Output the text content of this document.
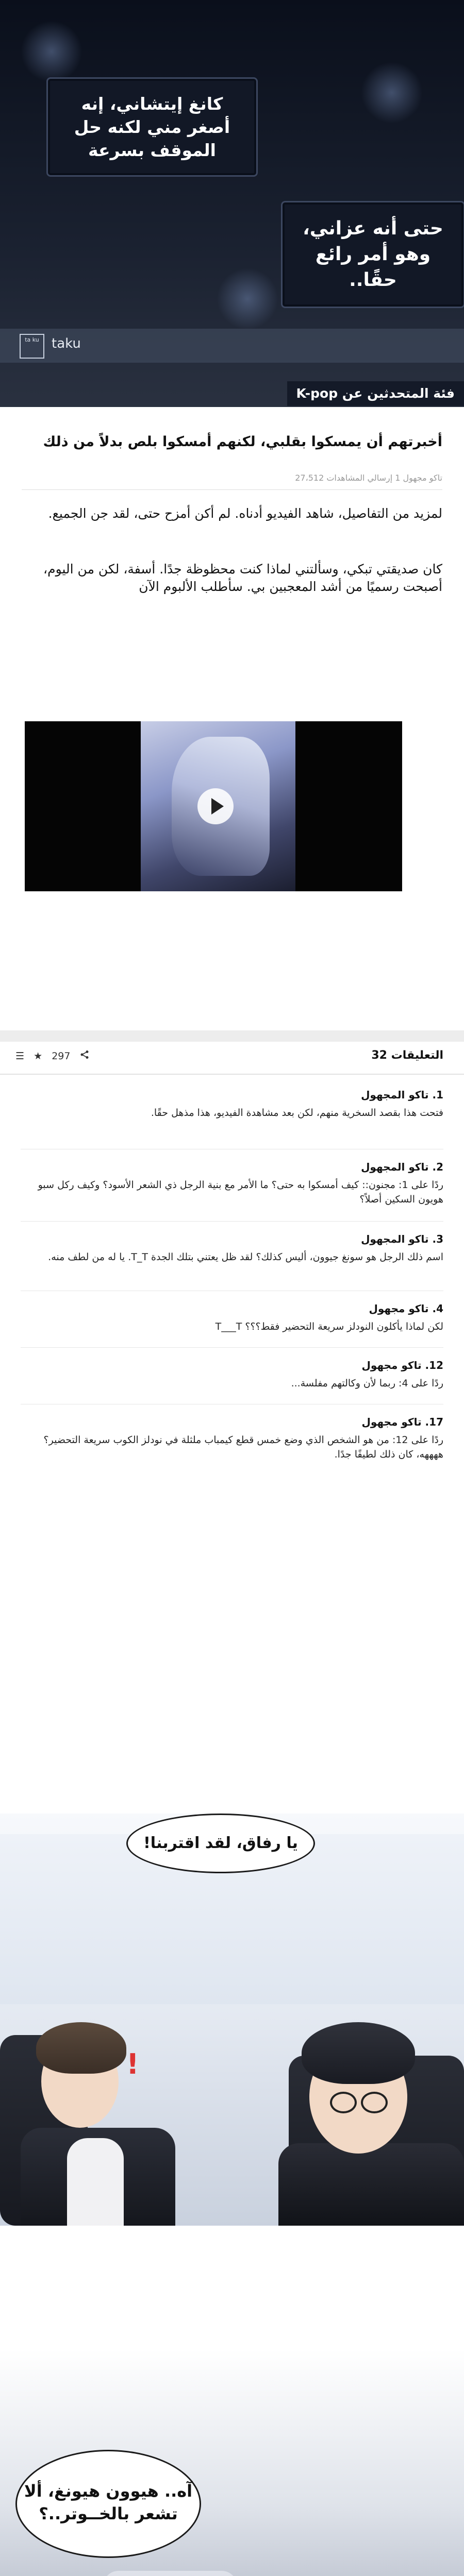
كانغ إيتشاني، إنه أصغر مني لكنه حل الموقف بسرعة
حتى أنه عزاني، وهو أمر رائع حقًا..
ta ku taku
فئة المتحدثين عن K-pop
أخبرتهم أن يمسكوا بقلبي، لكنهم أمسكوا بلص بدلاً من ذلك
تاكو مجهول 1 إرسالي المشاهدات 27،512
لمزيد من التفاصيل، شاهد الفيديو أدناه. لم أكن أمزح حتى، لقد جن الجميع.
كان صديقتي تبكي، وسألتني لماذا كنت محظوظة جدًا. أسفة، لكن من اليوم، أصبحت رسميًا من أشد المعجبين بي. سأطلب الألبوم الآن
التعليقات 32
☰ ★ 297
1. تاكو المجهول
فتحت هذا بقصد السخرية منهم، لكن بعد مشاهدة الفيديو، هذا مذهل حقًا.
2. تاكو المجهول
ردًا على 1: مجنون:: كيف أمسكوا به حتى؟ ما الأمر مع بنية الرجل ذي الشعر الأسود؟ وكيف ركل سبو هويون السكين أصلاً؟
3. تاكو المجهول
اسم ذلك الرجل هو سونغ جيوون، أليس كذلك؟ لقد ظل يعتني بتلك الجدة T_T. يا له من لطف منه.
4. تاكو مجهول
لكن لماذا يأكلون النودلز سريعة التحضير فقط؟؟؟ T___T
12. تاكو مجهول
ردًا على 4: ربما لأن وكالتهم مفلسة...
17. تاكو مجهول
ردًا على 12: من هو الشخص الذي وضع خمس قطع كيمباب ملثلة في نودلز الكوب سريعة التحضير؟ ههههه، كان ذلك لطيفًا جدًا.
يا رفاق، لقد اقتربنا!
!
آه.. هيوون هيونغ، ألا تشعر بالخــوتر..؟
